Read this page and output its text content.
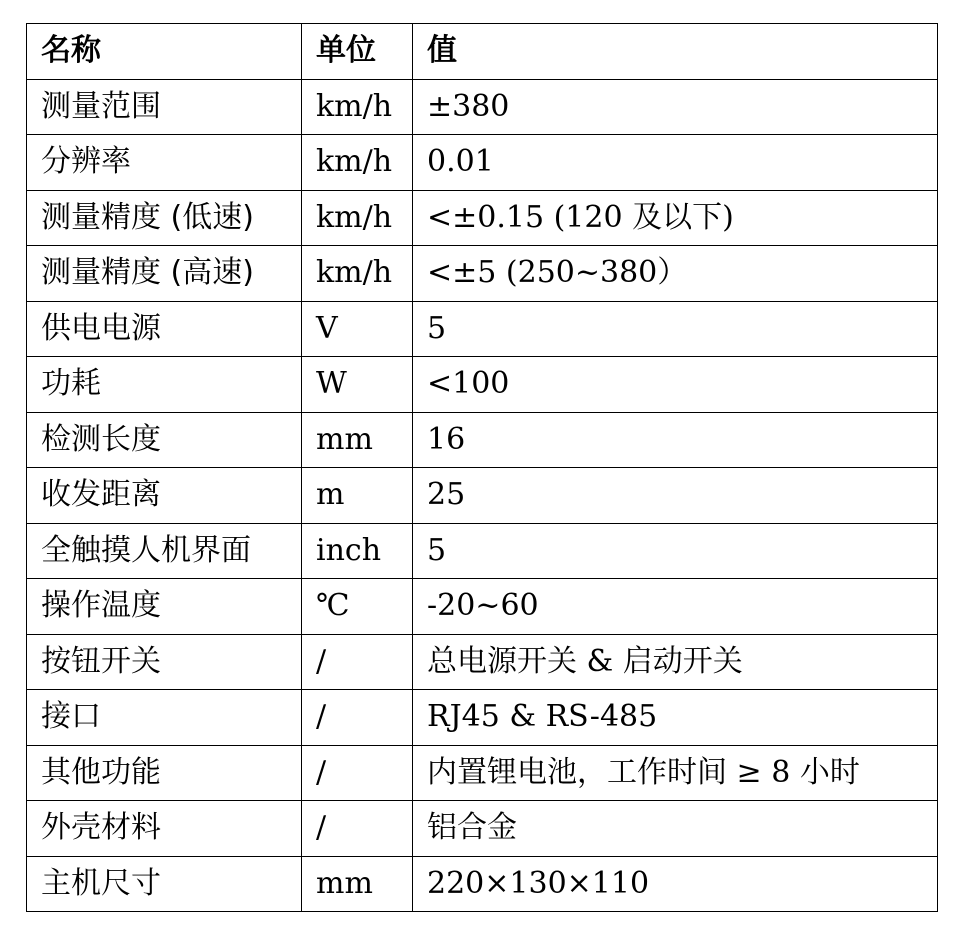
名称	单位	值
测量范围	km/h	±380
分辨率	km/h	0.01
测量精度 (低速)	km/h	<±0.15 (120 及以下)
测量精度 (高速)	km/h	<±5 (250~380）
供电电源	V	5
功耗	W	<100
检测长度	mm	16
收发距离	m	25
全触摸人机界面	inch	5
操作温度	℃	-20~60
按钮开关	/	总电源开关 & 启动开关
接口	/	RJ45 & RS-485
其他功能	/	内置锂电池，工作时间 ≥ 8 小时
外壳材料	/	铝合金
主机尺寸	mm	220×130×110
